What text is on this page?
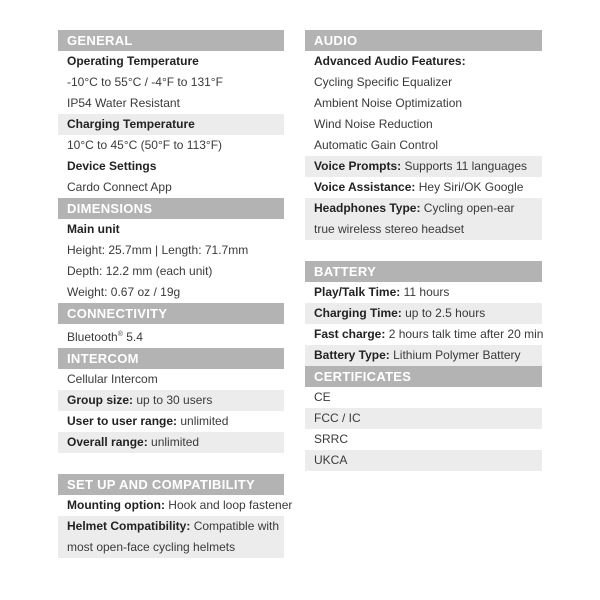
GENERAL
Operating Temperature
-10°C to 55°C / -4°F to 131°F
IP54 Water Resistant
Charging Temperature
10°C to 45°C (50°F to 113°F)
Device Settings
Cardo Connect App
DIMENSIONS
Main unit
Height: 25.7mm | Length: 71.7mm
Depth: 12.2 mm (each unit)
Weight: 0.67 oz / 19g
CONNECTIVITY
Bluetooth® 5.4
INTERCOM
Cellular Intercom
Group size: up to 30 users
User to user range: unlimited
Overall range: unlimited
SET UP AND COMPATIBILITY
Mounting option: Hook and loop fastener
Helmet Compatibility: Compatible with most open-face cycling helmets
AUDIO
Advanced Audio Features:
Cycling Specific Equalizer
Ambient Noise Optimization
Wind Noise Reduction
Automatic Gain Control
Voice Prompts: Supports 11 languages
Voice Assistance: Hey Siri/OK Google
Headphones Type: Cycling open-ear true wireless stereo headset
BATTERY
Play/Talk Time: 11 hours
Charging Time: up to 2.5 hours
Fast charge: 2 hours talk time after 20 min
Battery Type: Lithium Polymer Battery
CERTIFICATES
CE
FCC / IC
SRRC
UKCA
